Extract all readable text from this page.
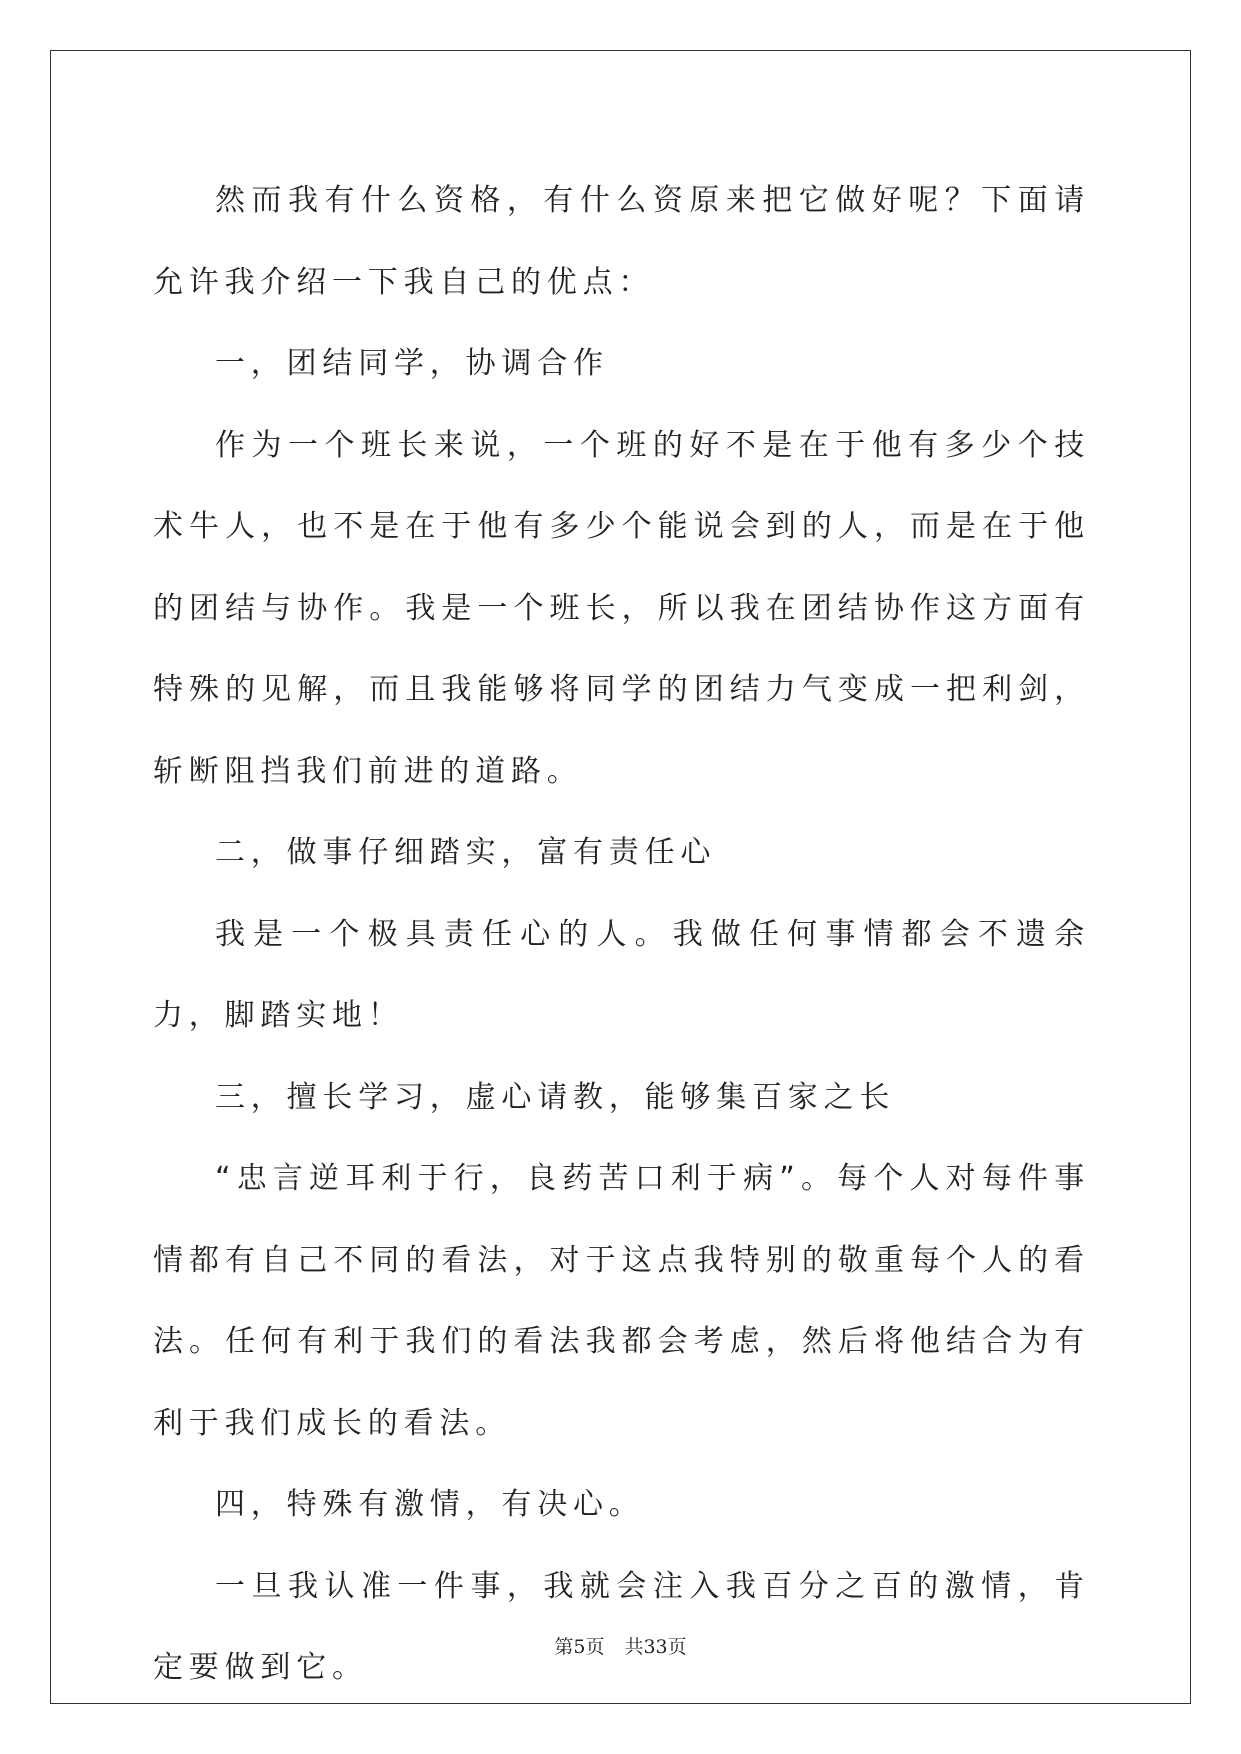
然而我有什么资格，有什么资原来把它做好呢？下面请允许我介绍一下我自己的优点：

一，团结同学，协调合作

作为一个班长来说，一个班的好不是在于他有多少个技术牛人，也不是在于他有多少个能说会到的人，而是在于他的团结与协作。我是一个班长，所以我在团结协作这方面有特殊的见解，而且我能够将同学的团结力气变成一把利剑，斩断阻挡我们前进的道路。

二，做事仔细踏实，富有责任心

我是一个极具责任心的人。我做任何事情都会不遗余力，脚踏实地！

三，擅长学习，虚心请教，能够集百家之长

“忠言逆耳利于行，良药苦口利于病”。每个人对每件事情都有自己不同的看法，对于这点我特别的敬重每个人的看法。任何有利于我们的看法我都会考虑，然后将他结合为有利于我们成长的看法。

四，特殊有激情，有决心。

一旦我认准一件事，我就会注入我百分之百的激情，肯定要做到它。

第5页 共33页
